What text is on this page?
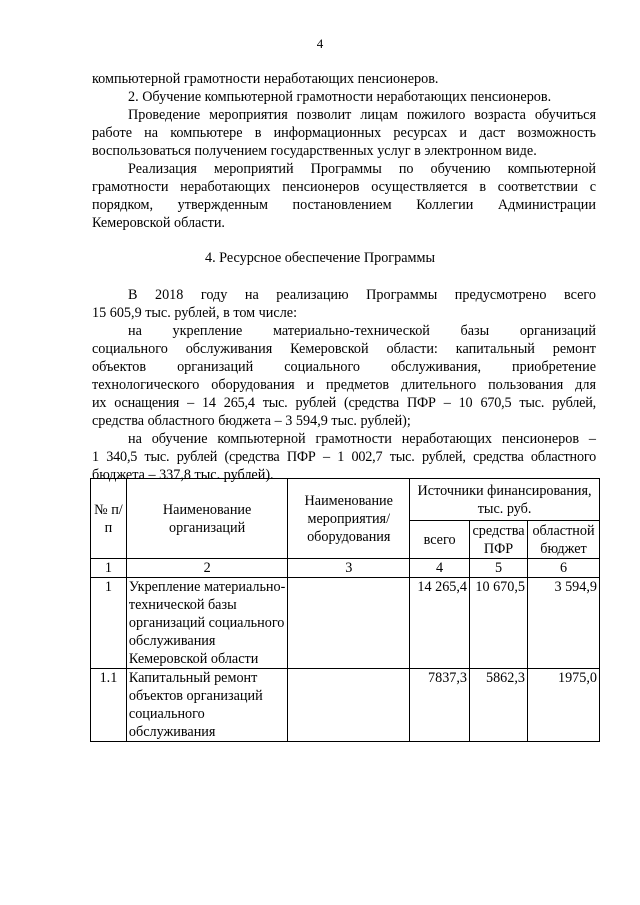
4
компьютерной грамотности неработающих пенсионеров.
2. Обучение компьютерной грамотности неработающих пенсионеров.
Проведение мероприятия позволит лицам пожилого возраста обучиться
работе на компьютере в информационных ресурсах и даст возможность
воспользоваться получением государственных услуг в электронном виде.
Реализация мероприятий Программы по обучению компьютерной
грамотности неработающих пенсионеров осуществляется в соответствии с
порядком, утвержденным постановлением Коллегии Администрации
Кемеровской области.
4. Ресурсное обеспечение Программы
В 2018 году на реализацию Программы предусмотрено всего
15 605,9 тыс. рублей, в том числе:
на укрепление материально-технической базы организаций
социального обслуживания Кемеровской области: капитальный ремонт
объектов организаций социального обслуживания, приобретение
технологического оборудования и предметов длительного пользования для
их оснащения – 14 265,4 тыс. рублей (средства ПФР – 10 670,5 тыс. рублей,
средства областного бюджета – 3 594,9 тыс. рублей);
на обучение компьютерной грамотности неработающих пенсионеров –
1 340,5 тыс. рублей (средства ПФР – 1 002,7 тыс. рублей, средства областного
бюджета – 337,8 тыс. рублей).
№ п/п	Наименование организаций	Наименование мероприятия/ оборудования	Источники финансирования, тыс. руб.		
			всего	средства ПФР	областной бюджет
1	2	3	4	5	6
1	Укрепление материально-технической базы организаций социального обслуживания Кемеровской области		14 265,4	10 670,5	3 594,9
1.1	Капитальный ремонт объектов организаций социального обслуживания		7837,3	5862,3	1975,0
